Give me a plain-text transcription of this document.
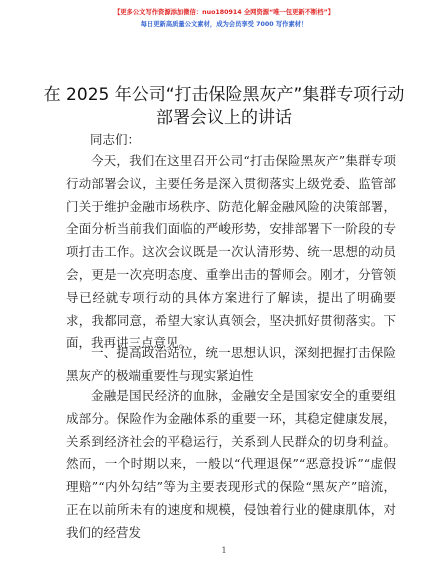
【更多公文写作资源添加微信：nuo180914 全网资源“唯一包更新不断档”】
每日更新高质量公文素材，成为会员享受 7000 写作素材！
在 2025 年公司“打击保险黑灰产”集群专项行动部署会议上的讲话
同志们：
今天，我们在这里召开公司“打击保险黑灰产”集群专项行动部署会议，主要任务是深入贯彻落实上级党委、监管部门关于维护金融市场秩序、防范化解金融风险的决策部署，全面分析当前我们面临的严峻形势，安排部署下一阶段的专项打击工作。这次会议既是一次认清形势、统一思想的动员会，更是一次亮明态度、重拳出击的誓师会。刚才，分管领导已经就专项行动的具体方案进行了解读，提出了明确要求，我都同意，希望大家认真领会，坚决抓好贯彻落实。下面，我再讲三点意见。
一、提高政治站位，统一思想认识，深刻把握打击保险黑灰产的极端重要性与现实紧迫性
金融是国民经济的血脉，金融安全是国家安全的重要组成部分。保险作为金融体系的重要一环，其稳定健康发展，关系到经济社会的平稳运行，关系到人民群众的切身利益。然而，一个时期以来，一般以“代理退保”“恶意投诉”“虚假理赔”“内外勾结”等为主要表现形式的保险“黑灰产”暗流，正在以前所未有的速度和规模，侵蚀着行业的健康肌体，对我们的经营发
1
